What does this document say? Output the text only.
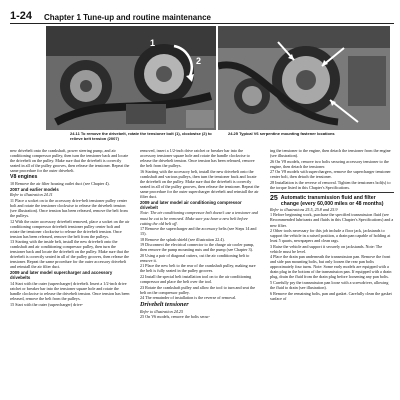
1-24	Chapter 1 Tune-up and routine maintenance
1
2

24.11 To remove the drivebelt, rotate the tensioner bolt (1), clockwise (2) to relieve belt tension (2007)

24.25 Typical V6 serpentine mounting fastener locations

new drivebelt onto the crankshaft, power steering pump, and air conditioning compressor pulley, then turn the tensioner back and locate the drivebelt on the pulley. Make sure that the drivebelt is correctly seated in all of the pulley grooves, then release the tensioner. Repeat the same procedure for the outer drivebelt.

V8 engines

10 Remove the air filter housing outlet duct (see Chapter 4).

2007 and earlier models

Refer to illustration 24.11

11 Place a socket on to the accessory drive-belt tensioner pulley center bolt and rotate the tensioner clockwise to release the drivebelt tension (see illustration). Once tension has been released, remove the belt from the pulleys.

12 With the outer accessory drivebelt removed, place a socket on the air conditioning compressor drivebelt tensioner pulley center bolt and rotate the tensioner clockwise to release the drivebelt tension. Once tension has been released, remove the belt from the pulleys.

13 Starting with the inside belt, install the new drivebelt onto the crankshaft and air conditioning compressor pulley, then turn the tensioner back and locate the drivebelt on the pulley. Make sure that the drivebelt is correctly seated in all of the pulley grooves, then release the tensioner. Repeat the same procedure for the outer accessory drivebelt and reinstall the air filter duct.

2009 and later model supercharger and accessory drivebelts

14 Start with the outer (supercharger) drivebelt. Insert a 1/2-inch drive ratchet or breaker bar into the tensioner square hole and rotate the handle clockwise to release the drivebelt tension. Once tension has been released, remove the belt from the pulleys.

15 Start with the outer (supercharger) drive-

removed, insert a 1/2-inch drive ratchet or breaker bar into the accessory tensioner square hole and rotate the handle clockwise to release the drivebelt tension. Once tension has been released, remove the belt from the pulleys.

16 Starting with the accessory belt, install the new drivebelt onto the crankshaft and various pulleys, then turn the tensioner back and locate the drivebelt on the pulley. Make sure that the drivebelt is correctly seated in all of the pulley grooves, then release the tensioner. Repeat the same procedure for the outer supercharger drivebelt and reinstall the air filter duct.

2009 and later model air conditioning compressor drivebelt

Note: The air conditioning compressor belt doesn't use a tensioner and must be cut to be removed. Make sure you have a new belt before cutting the old belt off.

17 Remove the supercharger and the accessory belts (see Steps 14 and 15).

18 Remove the splash shield (see illustration 22.4).

19 Disconnect the electrical connector to the charge air cooler pump, then remove the pump mounting nuts and the pump (see Chapter 3).

20 Using a pair of diagonal cutters, cut the air conditioning belt to remove it.

21 Place the new belt to the rear of the crankshaft pulley, making sure the belt is fully seated in the pulley grooves.

22 Install the special belt installation tool on to the air conditioning compressor and place the belt over the tool.

23 Rotate the crankshaft pulley and allow the tool to turn and seat the belt on the compressor pulley.

24 The remainder of installation is the reverse of removal.

Drivebelt tensioner

Refer to illustration 24.25

25 On V6 models, remove the bolts secur-

ing the tensioner to the engine, then detach the tensioner from the engine (see illustration).

26 On V8 models, remove two bolts securing accessory tensioner to the engine, then detach the tensioner.

27 On V8 models with superchargers, remove the supercharger tensioner center bolt, then detach the tensioner.

28 Installation is the reverse of removal. Tighten the tensioners bolt(s) to the torque listed in this Chapter's Specifications.

25 Automatic transmission fluid and filter change (every 60,000 miles or 48 months)

Refer to illustrations 25.5, 25.8 and 25.9

1 Before beginning work, purchase the specified transmission fluid (see Recommended lubricants and fluids in this Chapter's Specifications) and a new filter.

2 Other tools necessary for this job include a floor jack, jackstands to support the vehicle in a raised position, a drain pan capable of holding at least 5 quarts, newspapers and clean rags.

3 Raise the vehicle and support it securely on jackstands. Note: The vehicle must be level.

4 Place the drain pan underneath the transmission pan. Remove the front and side pan mounting bolts, but only loosen the rear pan bolts approximately four turns. Note: Some early models are equipped with a drain plug in the bottom of the transmission pan. If equipped with a drain plug, drain the fluid from the drain plug before loosening any pan bolts.

5 Carefully pry the transmission pan loose with a screwdriver, allowing the fluid to drain (see illustration).

6 Remove the remaining bolts, pan and gasket. Carefully clean the gasket surface of
